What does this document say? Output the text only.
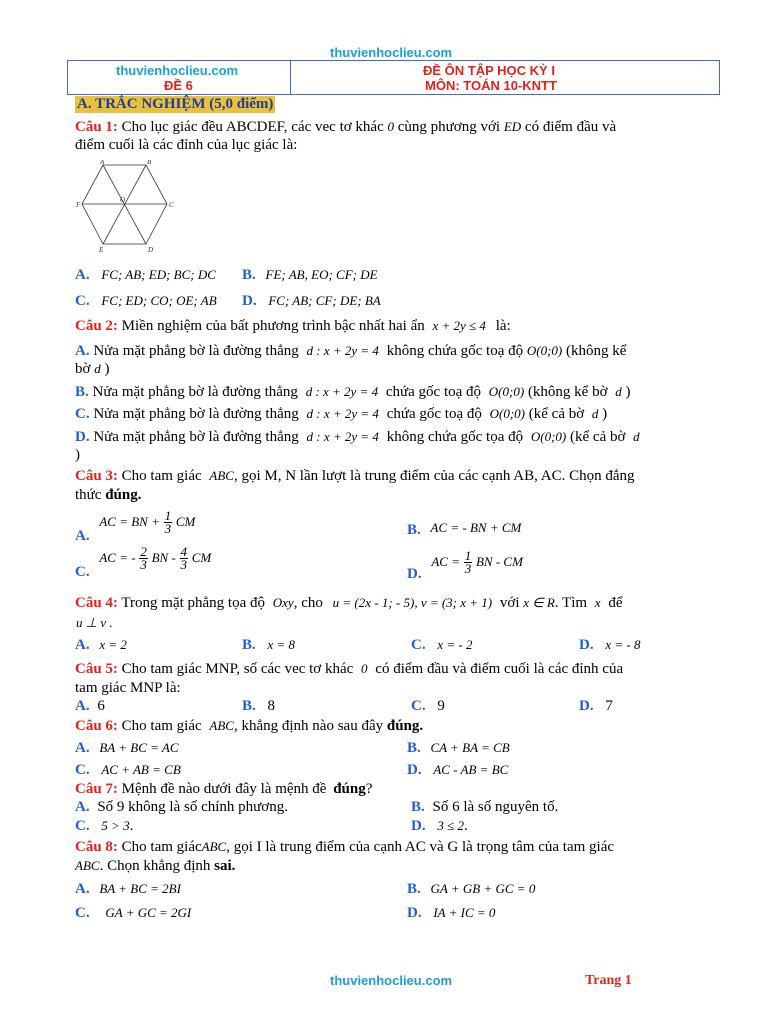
thuvienhoclieu.com
thuvienhoclieu.com
ĐỀ 6
ĐỀ ÔN TẬP HỌC KỲ I
MÔN: TOÁN 10-KNTT
A. TRẮC NGHIỆM (5,0 điểm)
Câu 1: Cho lục giác đều ABCDEF, các vec tơ khác 0 cùng phương với ED có điểm đầu và
điểm cuối là các đỉnh của lục giác là:
A	B
C
D
E
F
O
A. FC; AB; ED; BC; DC B. FE; AB, EO; CF; DE
C. FC; ED; CO; OE; AB D. FC; AB; CF; DE; BA
Câu 2: Miền nghiệm của bất phương trình bậc nhất hai ẩn x + 2y ≤ 4 là:
A. Nửa mặt phẳng bờ là đường thẳng d : x + 2y = 4 không chứa gốc toạ độ O(0;0) (không kể
bờ d )
B. Nửa mặt phẳng bờ là đường thẳng d : x + 2y = 4 chứa gốc toạ độ O(0;0) (không kể bờ d )
C. Nửa mặt phẳng bờ là đường thẳng d : x + 2y = 4 chứa gốc toạ độ O(0;0) (kể cả bờ d )
D. Nửa mặt phẳng bờ là đường thẳng d : x + 2y = 4 không chứa gốc tọa độ O(0;0) (kể cả bờ d
)
Câu 3: Cho tam giác ABC, gọi M, N lần lượt là trung điểm của các cạnh AB, AC. Chọn đẳng
thức đúng.
A. AC = BN + $\frac{1}{3}$ CM
B. AC = - BN + CM
C. AC = - $\frac{2}{3}$ BN - $\frac{4}{3}$ CM
D. AC = $\frac{1}{3}$ BN - CM
Câu 4: Trong mặt phẳng tọa độ Oxy, cho u = (2x - 1; - 5), v = (3; x + 1) với x ∈ R. Tìm x để
u ⊥ v .
A. x = 2	B. x = 8	C. x = - 2	D. x = - 8
Câu 5: Cho tam giác MNP, số các vec tơ khác 0 có điểm đầu và điểm cuối là các đỉnh của
tam giác MNP là:
A. 6	B. 8	C. 9	D. 7
Câu 6: Cho tam giác ABC, khẳng định nào sau đây đúng.
A. BA + BC = AC	B. CA + BA = CB
C. AC + AB = CB	D. AC - AB = BC
Câu 7: Mệnh đề nào dưới đây là mệnh đề đúng?
A. Số 9 không là số chính phương.	B. Số 6 là số nguyên tố.
C. 5 > 3.	D. 3 ≤ 2.
Câu 8: Cho tam giácABC, gọi I là trung điểm của cạnh AC và G là trọng tâm của tam giác
ABC. Chọn khẳng định sai.
A. BA + BC = 2BI	B. GA + GB + GC = 0
C. GA + GC = 2GI	D. IA + IC = 0
thuvienhoclieu.com	Trang 1
